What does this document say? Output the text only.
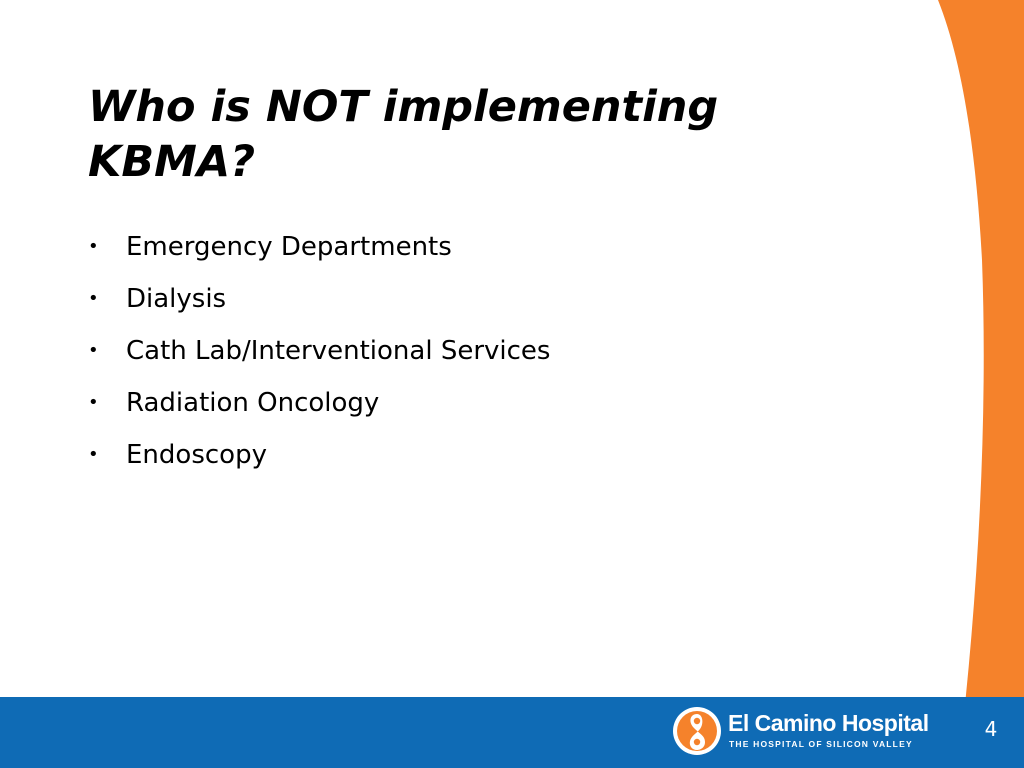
Who is NOT implementing KBMA?
• Emergency Departments
• Dialysis
• Cath Lab/Interventional Services
• Radiation Oncology
• Endoscopy
El Camino Hospital
THE HOSPITAL OF SILICON VALLEY
4
